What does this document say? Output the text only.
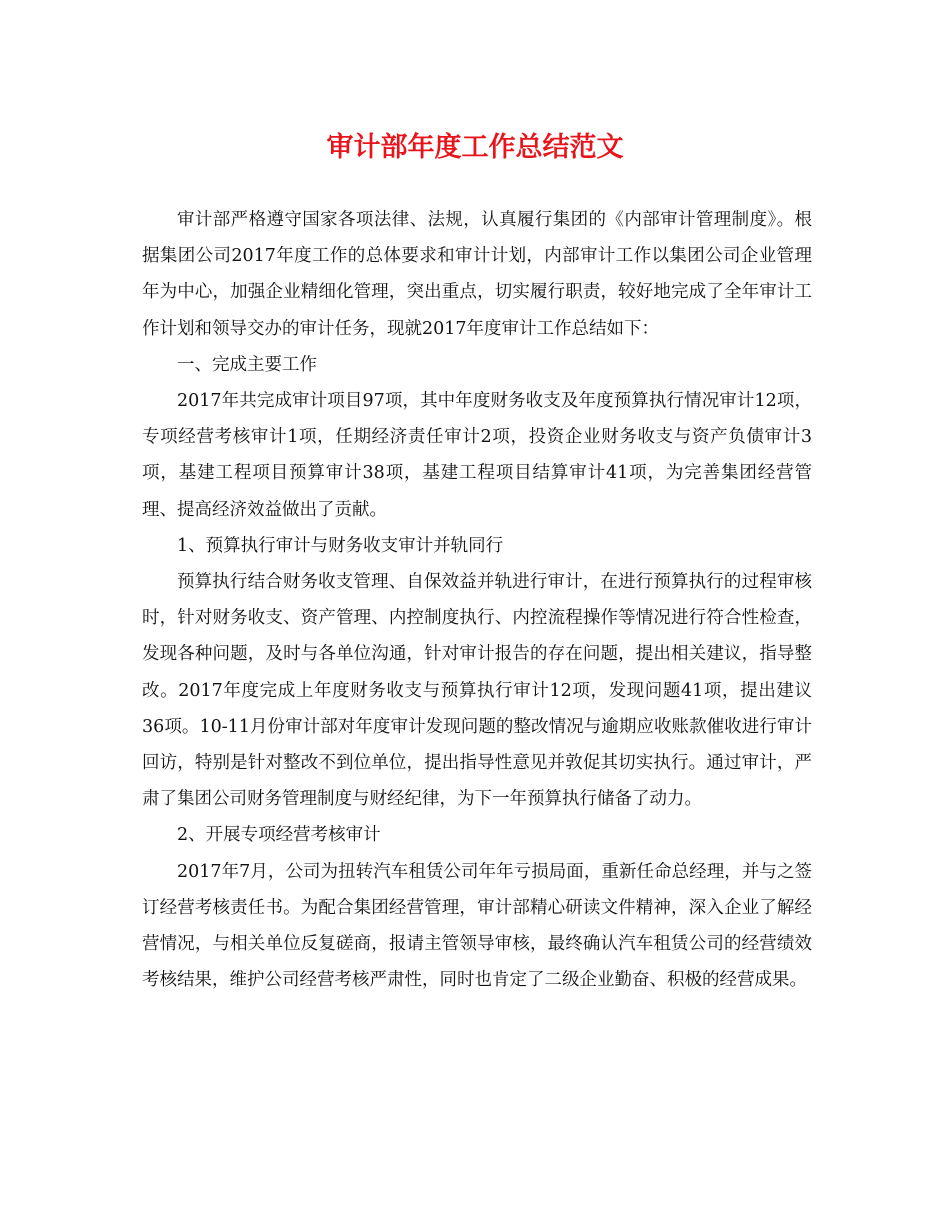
审计部年度工作总结范文

审计部严格遵守国家各项法律、法规，认真履行集团的《内部审计管理制度》。根据集团公司2017年度工作的总体要求和审计计划，内部审计工作以集团公司企业管理年为中心，加强企业精细化管理，突出重点，切实履行职责，较好地完成了全年审计工作计划和领导交办的审计任务，现就2017年度审计工作总结如下：

一、完成主要工作

2017年共完成审计项目97项，其中年度财务收支及年度预算执行情况审计12项，专项经营考核审计1项，任期经济责任审计2项，投资企业财务收支与资产负债审计3项，基建工程项目预算审计38项，基建工程项目结算审计41项，为完善集团经营管理、提高经济效益做出了贡献。

1、预算执行审计与财务收支审计并轨同行

预算执行结合财务收支管理、自保效益并轨进行审计，在进行预算执行的过程审核时，针对财务收支、资产管理、内控制度执行、内控流程操作等情况进行符合性检查，发现各种问题，及时与各单位沟通，针对审计报告的存在问题，提出相关建议，指导整改。2017年度完成上年度财务收支与预算执行审计12项，发现问题41项，提出建议36项。10-11月份审计部对年度审计发现问题的整改情况与逾期应收账款催收进行审计回访，特别是针对整改不到位单位，提出指导性意见并敦促其切实执行。通过审计，严肃了集团公司财务管理制度与财经纪律，为下一年预算执行储备了动力。

2、开展专项经营考核审计

2017年7月，公司为扭转汽车租赁公司年年亏损局面，重新任命总经理，并与之签订经营考核责任书。为配合集团经营管理，审计部精心研读文件精神，深入企业了解经营情况，与相关单位反复磋商，报请主管领导审核，最终确认汽车租赁公司的经营绩效考核结果，维护公司经营考核严肃性，同时也肯定了二级企业勤奋、积极的经营成果。
